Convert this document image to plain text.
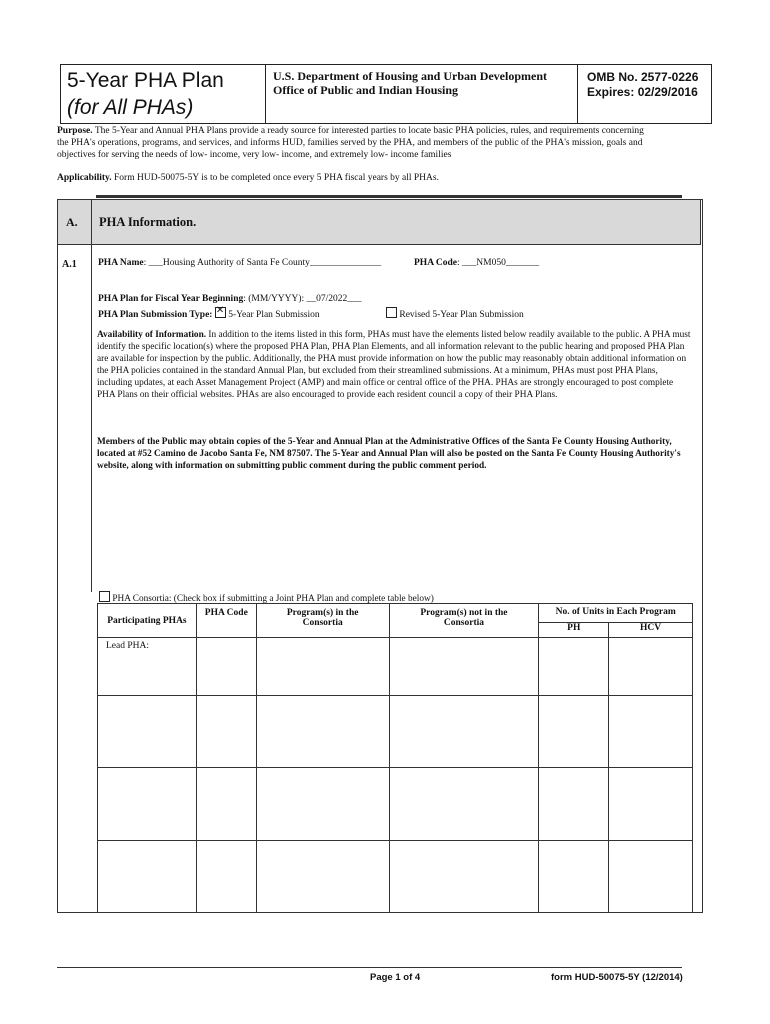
5-Year PHA Plan
(for All PHAs)
U.S. Department of Housing and Urban Development
Office of Public and Indian Housing
OMB No. 2577-0226
Expires: 02/29/2016
Purpose. The 5-Year and Annual PHA Plans provide a ready source for interested parties to locate basic PHA policies, rules, and requirements concerning the PHA's operations, programs, and services, and informs HUD, families served by the PHA, and members of the public of the PHA's mission, goals and objectives for serving the needs of low- income, very low- income, and extremely low- income families
Applicability. Form HUD-50075-5Y is to be completed once every 5 PHA fiscal years by all PHAs.
A. PHA Information.
A.1 PHA Name: ___Housing Authority of Santa Fe County_______________	PHA Code: ___NM050_______
PHA Plan for Fiscal Year Beginning: (MM/YYYY): __07/2022___
PHA Plan Submission Type: ✕ 5-Year Plan Submission	Revised 5-Year Plan Submission
Availability of Information. In addition to the items listed in this form, PHAs must have the elements listed below readily available to the public. A PHA must identify the specific location(s) where the proposed PHA Plan, PHA Plan Elements, and all information relevant to the public hearing and proposed PHA Plan are available for inspection by the public. Additionally, the PHA must provide information on how the public may reasonably obtain additional information on the PHA policies contained in the standard Annual Plan, but excluded from their streamlined submissions. At a minimum, PHAs must post PHA Plans, including updates, at each Asset Management Project (AMP) and main office or central office of the PHA. PHAs are strongly encouraged to post complete PHA Plans on their official websites. PHAs are also encouraged to provide each resident council a copy of their PHA Plans.
Members of the Public may obtain copies of the 5-Year and Annual Plan at the Administrative Offices of the Santa Fe County Housing Authority, located at #52 Camino de Jacobo Santa Fe, NM 87507. The 5-Year and Annual Plan will also be posted on the Santa Fe County Housing Authority's website, along with information on submitting public comment during the public comment period.
PHA Consortia: (Check box if submitting a Joint PHA Plan and complete table below)
Participating PHAs	PHA Code	Program(s) in the Consortia	Program(s) not in the Consortia	No. of Units in Each Program	
				PH	HCV
Lead PHA:					

Page 1 of 4	form HUD-50075-5Y (12/2014)
